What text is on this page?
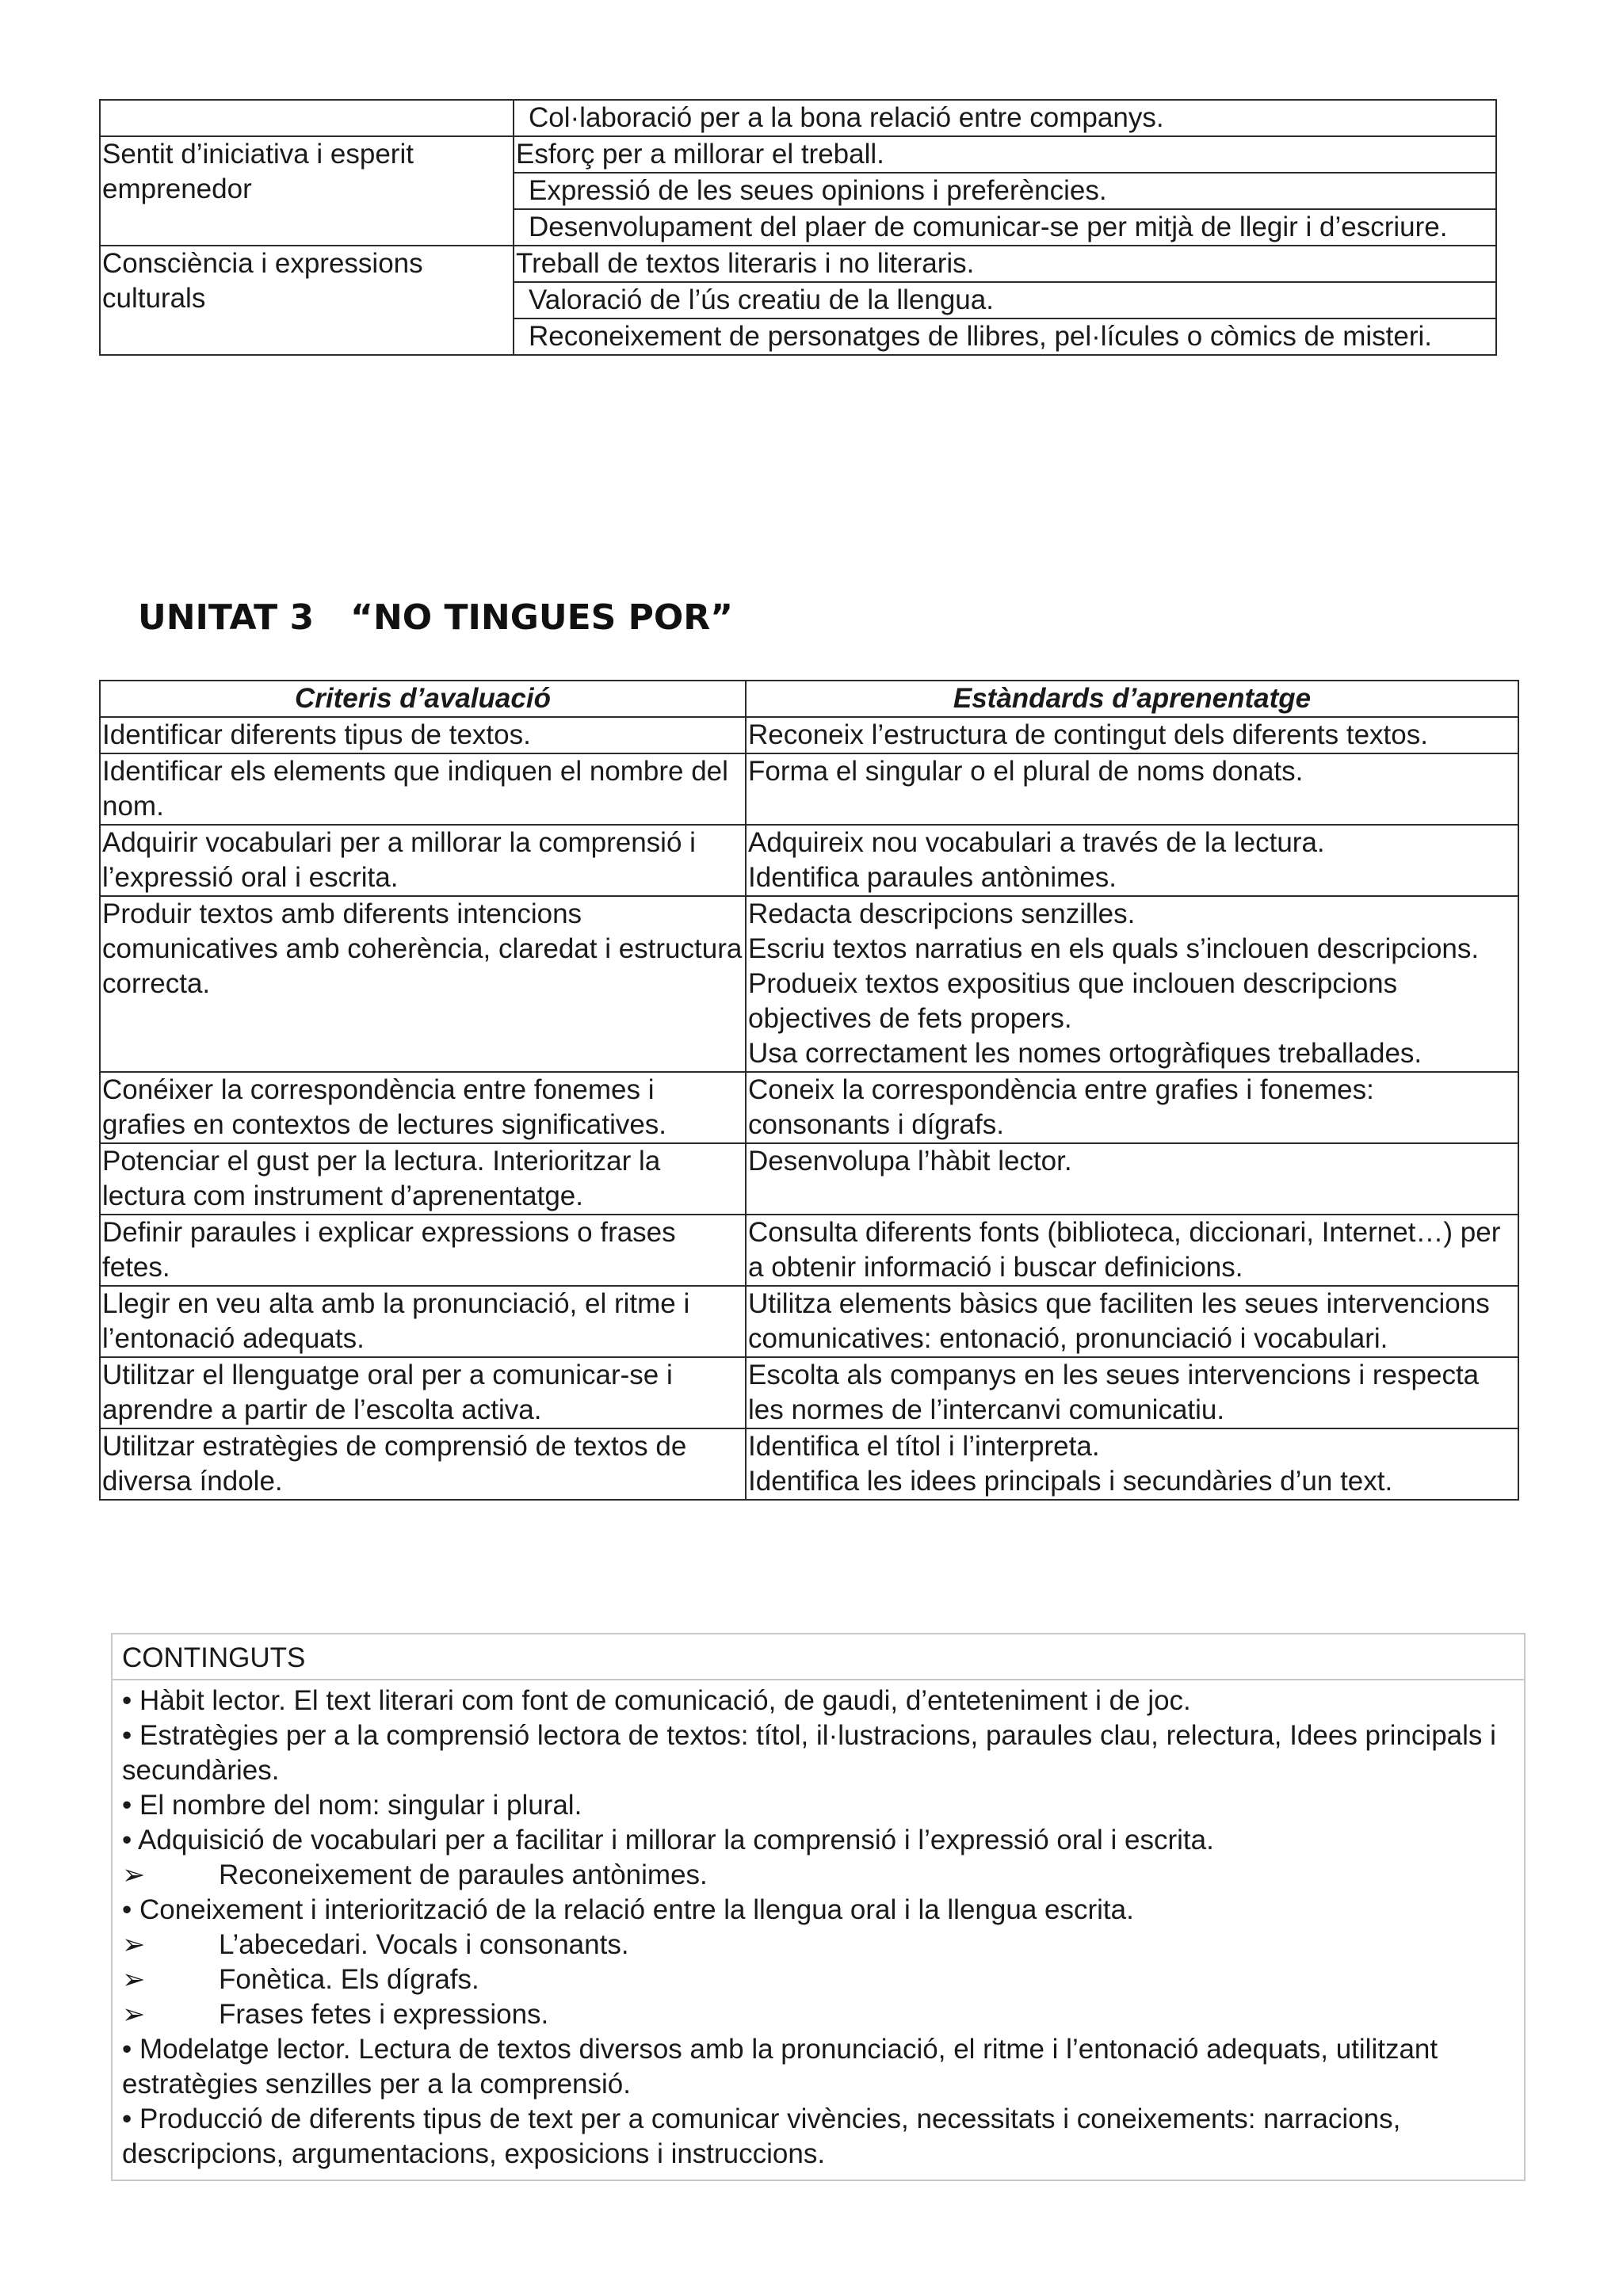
	Col·laboració per a la bona relació entre companys.
Sentit d’iniciativa i esperit emprenedor	Esforç per a millorar el treball.
	Expressió de les seues opinions i preferències.
	Desenvolupament del plaer de comunicar-se per mitjà de llegir i d’escriure.
Consciència i expressions culturals	Treball de textos literaris i no literaris.
	Valoració de l’ús creatiu de la llengua.
	Reconeixement de personatges de llibres, pel·lícules o còmics de misteri.
UNITAT 3   “NO TINGUES POR”
Criteris d’avaluació	Estàndards d’aprenentatge
Identificar diferents tipus de textos.	Reconeix l’estructura de contingut dels diferents textos.

Identificar els elements que indiquen el nombre del nom.	Forma el singular o el plural de noms donats.

Adquirir vocabulari per a millorar la comprensió i l’expressió oral i escrita.	Adquireix nou vocabulari a través de la lectura.
Identifica paraules antònimes.

Produir textos amb diferents intencions comunicatives amb coherència, claredat i estructura correcta.	Redacta descripcions senzilles.
Escriu textos narratius en els quals s’inclouen descripcions.
Produeix textos expositius que inclouen descripcions objectives de fets propers.
Usa correctament les nomes ortogràfiques treballades.

Conéixer la correspondència entre fonemes i grafies en contextos de lectures significatives.	Coneix la correspondència entre grafies i fonemes: consonants i dígrafs.

Potenciar el gust per la lectura. Interioritzar la lectura com instrument d’aprenentatge.	Desenvolupa l’hàbit lector.

Definir paraules i explicar expressions o frases fetes.	Consulta diferents fonts (biblioteca, diccionari, Internet…) per a obtenir informació i buscar definicions.

Llegir en veu alta amb la pronunciació, el ritme i l’entonació adequats.	Utilitza elements bàsics que faciliten les seues intervencions comunicatives: entonació, pronunciació i vocabulari.

Utilitzar el llenguatge oral per a comunicar-se i aprendre a partir de l’escolta activa.	Escolta als companys en les seues intervencions i respecta les normes de l’intercanvi comunicatiu.

Utilitzar estratègies de comprensió de textos de diversa índole.	Identifica el títol i l’interpreta.
Identifica les idees principals i secundàries d’un text.
CONTINGUTS
• Hàbit lector. El text literari com font de comunicació, de gaudi, d’enteteniment i de joc.
• Estratègies per a la comprensió lectora de textos: títol, il·lustracions, paraules clau, relectura, Idees principals i secundàries.
• El nombre del nom: singular i plural.
• Adquisició de vocabulari per a facilitar i millorar la comprensió i l’expressió oral i escrita.
➢	Reconeixement de paraules antònimes.
• Coneixement i interiorització de la relació entre la llengua oral i la llengua escrita.
➢	L’abecedari. Vocals i consonants.
➢	Fonètica. Els dígrafs.
➢	Frases fetes i expressions.
• Modelatge lector. Lectura de textos diversos amb la pronunciació, el ritme i l’entonació adequats, utilitzant estratègies senzilles per a la comprensió.
• Producció de diferents tipus de text per a comunicar vivències, necessitats i coneixements: narracions, descripcions, argumentacions, exposicions i instruccions.
